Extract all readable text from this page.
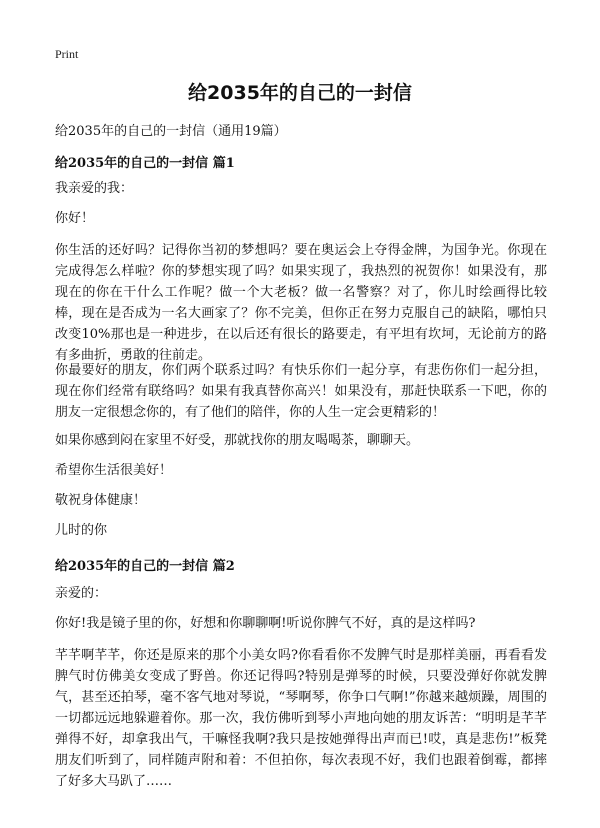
Print
给2035年的自己的一封信

给2035年的自己的一封信（通用19篇）

给2035年的自己的一封信 篇1

我亲爱的我：

你好！

你生活的还好吗？记得你当初的梦想吗？要在奥运会上夺得金牌，为国争光。你现在完成得怎么样啦？你的梦想实现了吗？如果实现了，我热烈的祝贺你！如果没有，那现在的你在干什么工作呢？做一个大老板？做一名警察？对了，你儿时绘画得比较棒，现在是否成为一名大画家了？你不完美，但你正在努力克服自己的缺陷，哪怕只改变10%那也是一种进步，在以后还有很长的路要走，有平坦有坎坷，无论前方的路有多曲折，勇敢的往前走。

你最要好的朋友，你们两个联系过吗？有快乐你们一起分享，有悲伤你们一起分担，现在你们经常有联络吗？如果有我真替你高兴！如果没有，那赶快联系一下吧，你的朋友一定很想念你的，有了他们的陪伴，你的人生一定会更精彩的！

如果你感到闷在家里不好受，那就找你的朋友喝喝茶，聊聊天。

希望你生活很美好！

敬祝身体健康！

儿时的你

给2035年的自己的一封信 篇2

亲爱的：

你好!我是镜子里的你，好想和你聊聊啊!听说你脾气不好，真的是这样吗?

芊芊啊芊芊，你还是原来的那个小美女吗?你看看你不发脾气时是那样美丽，再看看发脾气时仿佛美女变成了野兽。你还记得吗?特别是弹琴的时候，只要没弹好你就发脾气，甚至还拍琴，毫不客气地对琴说，“琴啊琴，你争口气啊!”你越来越烦躁，周围的一切都远远地躲避着你。那一次，我仿佛听到琴小声地向她的朋友诉苦：“明明是芊芊弹得不好，却拿我出气，干嘛怪我啊?我只是按她弹得出声而已!哎，真是悲伤!”板凳朋友们听到了，同样随声附和着：不但拍你，每次表现不好，我们也跟着倒霉，都摔了好多大马趴了……
